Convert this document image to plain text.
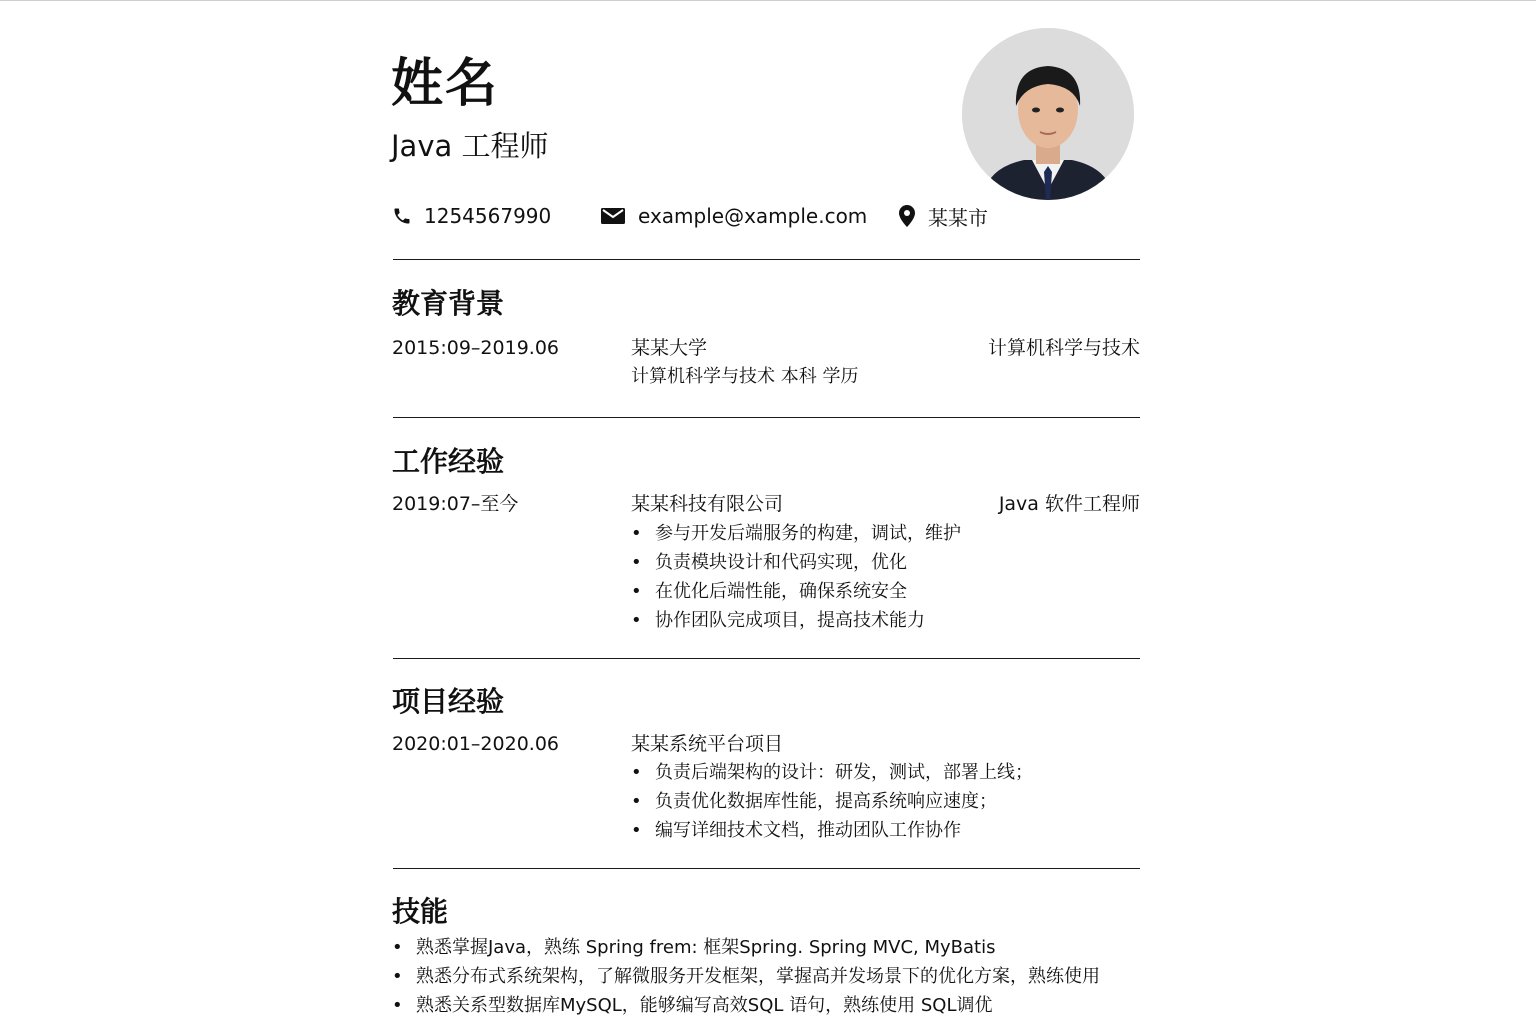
姓名
Java 工程师
1254567990	example@xample.com	某某市
教育背景
2015:09–2019.06	某某大学	计算机科学与技术
计算机科学与技术 本科 学历
工作经验
2019:07–至今	某某科技有限公司	Java 软件工程师
• 参与开发后端服务的构建，调试，维护
• 负责模块设计和代码实现，优化
• 在优化后端性能，确保系统安全
• 协作团队完成项目，提高技术能力
项目经验
2020:01–2020.06	某某系统平台项目
• 负责后端架构的设计：研发，测试，部署上线；
• 负责优化数据库性能，提高系统响应速度；
• 编写详细技术文档，推动团队工作协作
技能
• 熟悉掌握Java，熟练 Spring frem: 框架Spring. Spring MVC, MyBatis
• 熟悉分布式系统架构，了解微服务开发框架，掌握高并发场景下的优化方案，熟练使用
• 熟悉关系型数据库MySQL，能够编写高效SQL 语句，熟练使用 SQL调优
